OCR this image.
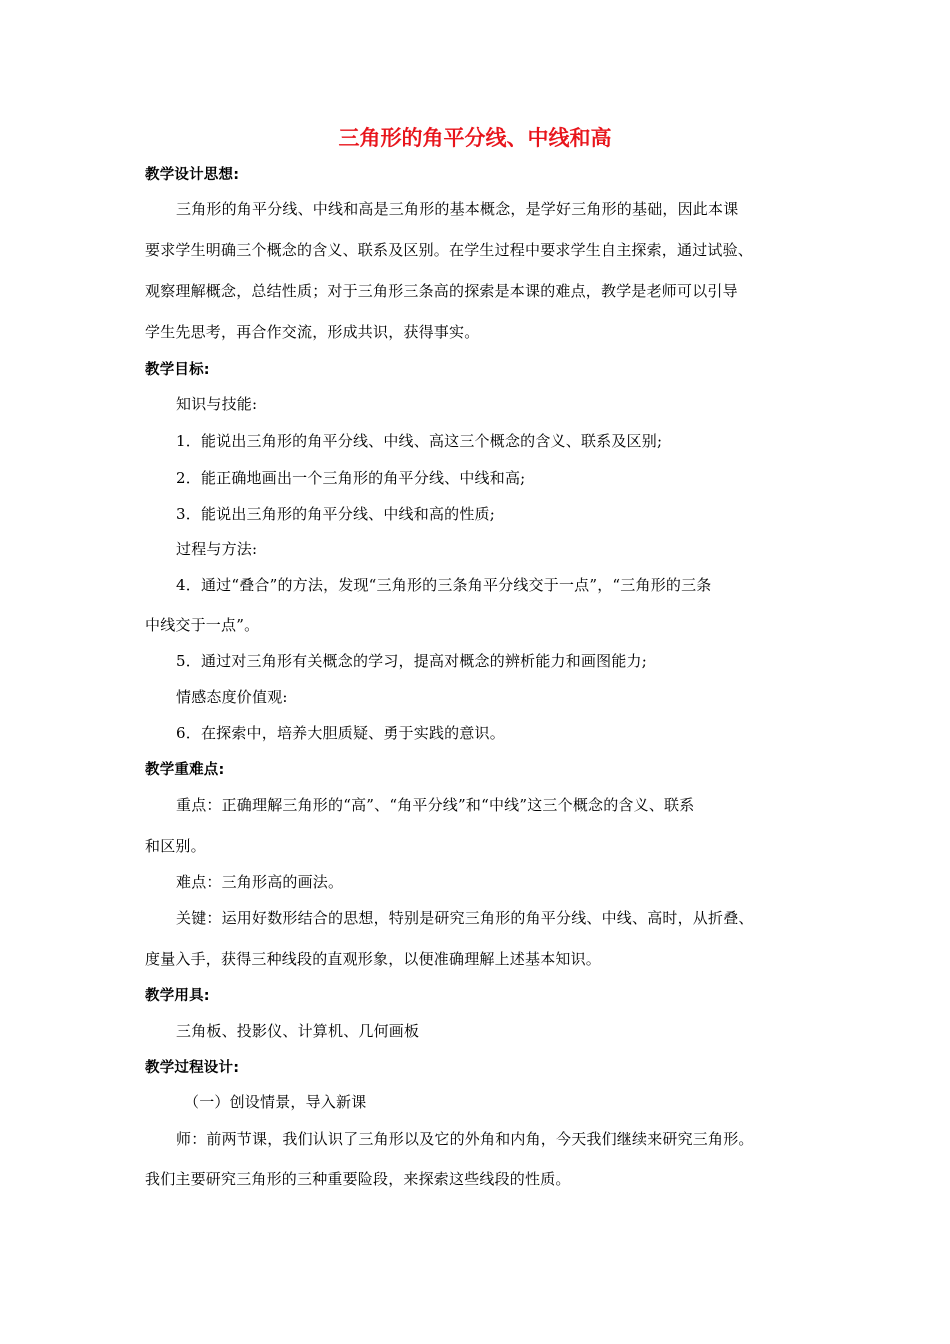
三角形的角平分线、中线和高
教学设计思想:
三角形的角平分线、中线和高是三角形的基本概念，是学好三角形的基础，因此本课
要求学生明确三个概念的含义、联系及区别。在学生过程中要求学生自主探索，通过试验、
观察理解概念，总结性质；对于三角形三条高的探索是本课的难点，教学是老师可以引导
学生先思考，再合作交流，形成共识，获得事实。
教学目标:
知识与技能:
1．能说出三角形的角平分线、中线、高这三个概念的含义、联系及区别;
2．能正确地画出一个三角形的角平分线、中线和高;
3．能说出三角形的角平分线、中线和高的性质;
过程与方法:
4．通过“叠合”的方法，发现“三角形的三条角平分线交于一点”，“三角形的三条
中线交于一点”。
5．通过对三角形有关概念的学习，提高对概念的辨析能力和画图能力;
情感态度价值观:
6．在探索中，培养大胆质疑、勇于实践的意识。
教学重难点:
重点：正确理解三角形的“高”、“角平分线”和“中线”这三个概念的含义、联系
和区别。
难点：三角形高的画法。
关键：运用好数形结合的思想，特别是研究三角形的角平分线、中线、高时，从折叠、
度量入手，获得三种线段的直观形象，以便准确理解上述基本知识。
教学用具:
三角板、投影仪、计算机、几何画板
教学过程设计:
（一）创设情景，导入新课
师：前两节课，我们认识了三角形以及它的外角和内角，今天我们继续来研究三角形。
我们主要研究三角形的三种重要险段，来探索这些线段的性质。
